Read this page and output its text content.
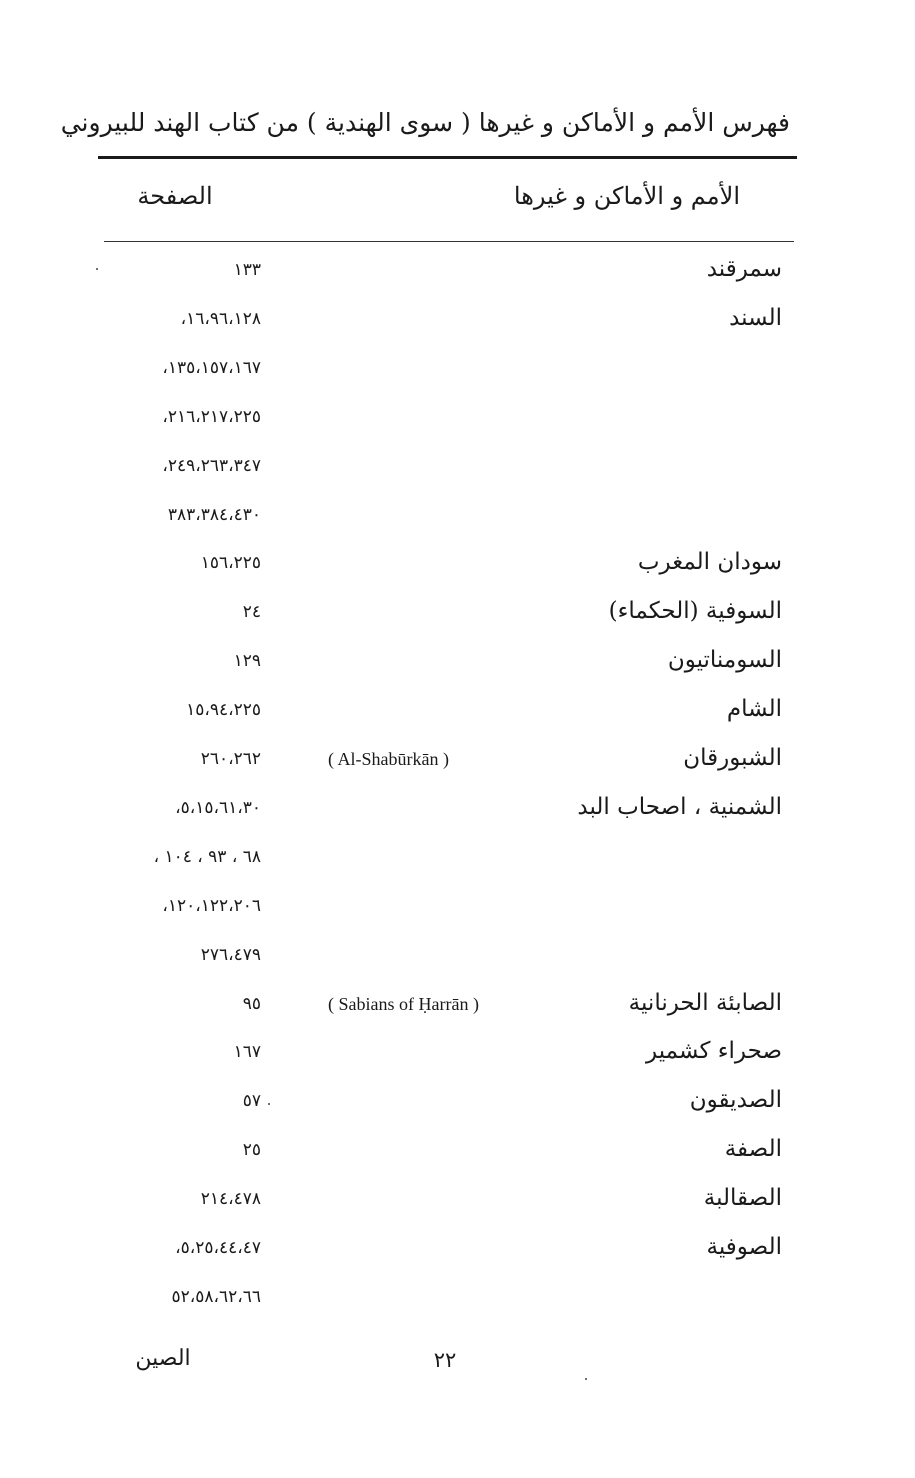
فهرس الأمم و الأماكن و غيرها ( سوى الهندية ) من كتاب الهند للبيروني
الأمم و الأماكن و غيرها
الصفحة
سمرقند
١٣٣
السند
١٦،٩٦،١٢٨،
١٣٥،١٥٧،١٦٧،
٢١٦،٢١٧،٢٢٥،
٢٤٩،٢٦٣،٣٤٧،
٣٨٣،٣٨٤،٤٣٠
سودان المغرب
١٥٦،٢٢٥
السوفية (الحكماء)
٢٤
السومناتيون
١٢٩
الشام
١٥،٩٤،٢٢٥
الشبورقان
( Al-Shabūrkān )
٢٦٠،٢٦٢
الشمنية ، اصحاب البد
٥،١٥،٦١،٣٠،
٦٨ ، ٩٣ ، ١٠٤ ،
١٢٠،١٢٢،٢٠٦،
٢٧٦،٤٧٩
الصابئة الحرنانية
( Sabians of Ḥarrān )
٩٥
صحراء كشمير
١٦٧
الصديقون
٥٧
الصفة
٢٥
الصقالبة
٢١٤،٤٧٨
الصوفية
٥،٢٥،٤٤،٤٧،
٥٢،٥٨،٦٢،٦٦
٢٢
الصين
